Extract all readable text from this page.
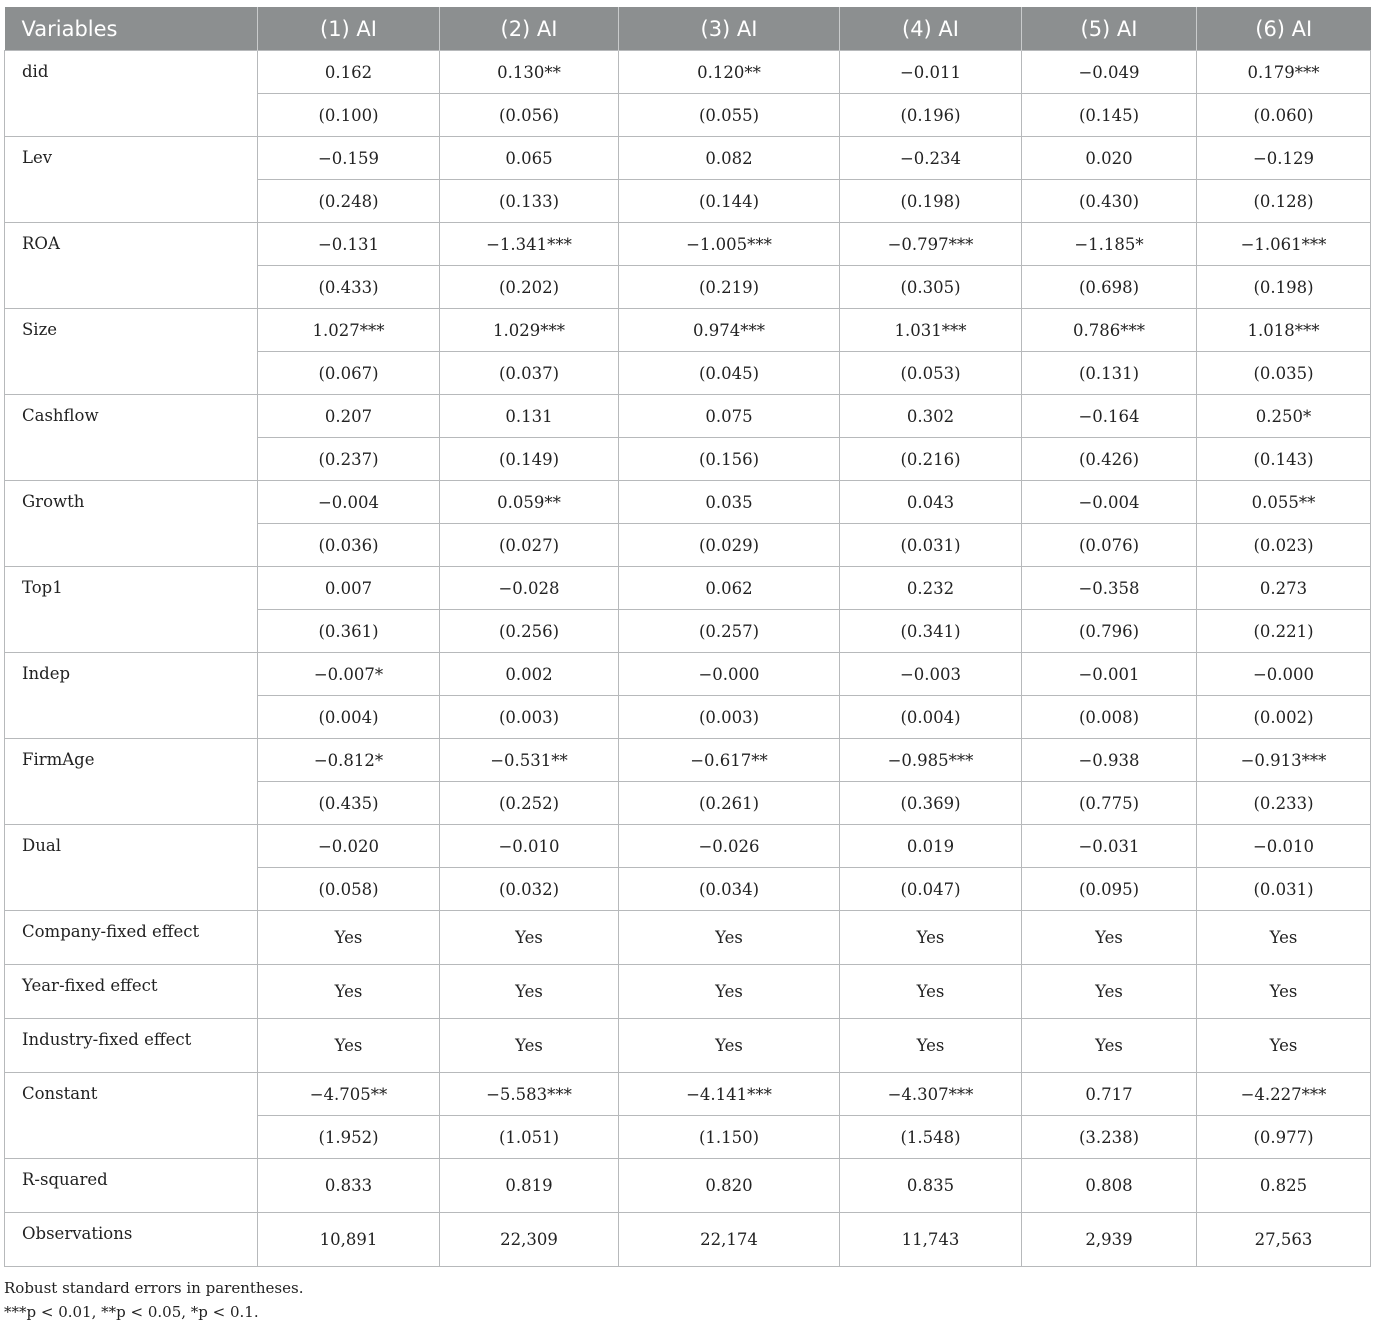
Variables	(1) AI	(2) AI	(3) AI	(4) AI	(5) AI	(6) AI
did	0.162	0.130**	0.120**	−0.011	−0.049	0.179***
	(0.100)	(0.056)	(0.055)	(0.196)	(0.145)	(0.060)
Lev	−0.159	0.065	0.082	−0.234	0.020	−0.129
	(0.248)	(0.133)	(0.144)	(0.198)	(0.430)	(0.128)
ROA	−0.131	−1.341***	−1.005***	−0.797***	−1.185*	−1.061***
	(0.433)	(0.202)	(0.219)	(0.305)	(0.698)	(0.198)
Size	1.027***	1.029***	0.974***	1.031***	0.786***	1.018***
	(0.067)	(0.037)	(0.045)	(0.053)	(0.131)	(0.035)
Cashflow	0.207	0.131	0.075	0.302	−0.164	0.250*
	(0.237)	(0.149)	(0.156)	(0.216)	(0.426)	(0.143)
Growth	−0.004	0.059**	0.035	0.043	−0.004	0.055**
	(0.036)	(0.027)	(0.029)	(0.031)	(0.076)	(0.023)
Top1	0.007	−0.028	0.062	0.232	−0.358	0.273
	(0.361)	(0.256)	(0.257)	(0.341)	(0.796)	(0.221)
Indep	−0.007*	0.002	−0.000	−0.003	−0.001	−0.000
	(0.004)	(0.003)	(0.003)	(0.004)	(0.008)	(0.002)
FirmAge	−0.812*	−0.531**	−0.617**	−0.985***	−0.938	−0.913***
	(0.435)	(0.252)	(0.261)	(0.369)	(0.775)	(0.233)
Dual	−0.020	−0.010	−0.026	0.019	−0.031	−0.010
	(0.058)	(0.032)	(0.034)	(0.047)	(0.095)	(0.031)
Company-fixed effect	Yes	Yes	Yes	Yes	Yes	Yes
Year-fixed effect	Yes	Yes	Yes	Yes	Yes	Yes
Industry-fixed effect	Yes	Yes	Yes	Yes	Yes	Yes
Constant	−4.705**	−5.583***	−4.141***	−4.307***	0.717	−4.227***
	(1.952)	(1.051)	(1.150)	(1.548)	(3.238)	(0.977)
R-squared	0.833	0.819	0.820	0.835	0.808	0.825
Observations	10,891	22,309	22,174	11,743	2,939	27,563
Robust standard errors in parentheses.
***p < 0.01, **p < 0.05, *p < 0.1.
